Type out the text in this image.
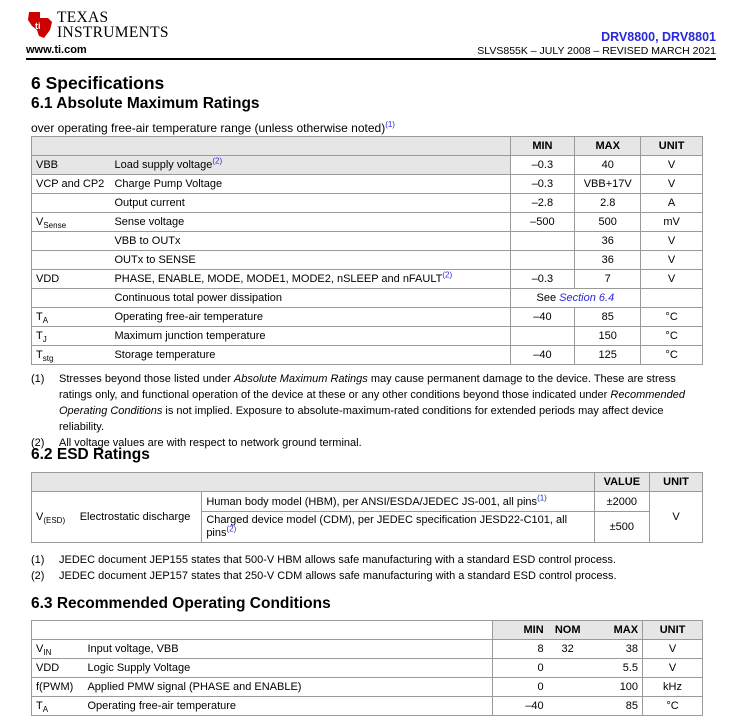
ti TEXAS
INSTRUMENTS
www.ti.com
DRV8800, DRV8801
SLVS855K – JULY 2008 – REVISED MARCH 2021
6 Specifications
6.1 Absolute Maximum Ratings
over operating free-air temperature range (unless otherwise noted)$^{(1)}$
		MIN	MAX	UNIT
VBB	Load supply voltage$^{(2)}$	–0.3	40	V
VCP and CP2	Charge Pump Voltage	–0.3	VBB+17V	V
	Output current	–2.8	2.8	A
$V_{Sense}$	Sense voltage	–500	500	mV
	VBB to OUTx		36	V
	OUTx to SENSE		36	V
VDD	PHASE, ENABLE, MODE, MODE1, MODE2, nSLEEP and nFAULT$^{(2)}$	–0.3	7	V
	Continuous total power dissipation	See Section 6.4		
$T_A$	Operating free-air temperature	–40	85	°C
$T_J$	Maximum junction temperature		150	°C
$T_{stg}$	Storage temperature	–40	125	°C
(1)	Stresses beyond those listed under Absolute Maximum Ratings may cause permanent damage to the device. These are stress ratings only, and functional operation of the device at these or any other conditions beyond those indicated under Recommended Operating Conditions is not implied. Exposure to absolute-maximum-rated conditions for extended periods may affect device reliability.
(2)	All voltage values are with respect to network ground terminal.
6.2 ESD Ratings
			VALUE	UNIT
$V_{(ESD)}$	Electrostatic discharge	Human body model (HBM), per ANSI/ESDA/JEDEC JS-001, all pins$^{(1)}$	±2000	V
		Charged device model (CDM), per JEDEC specification JESD22-C101, all pins$^{(2)}$	±500	
(1)	JEDEC document JEP155 states that 500-V HBM allows safe manufacturing with a standard ESD control process.
(2)	JEDEC document JEP157 states that 250-V CDM allows safe manufacturing with a standard ESD control process.
6.3 Recommended Operating Conditions
		MIN	NOM	MAX	UNIT
$V_{IN}$	Input voltage, VBB	8	32	38	V
VDD	Logic Supply Voltage	0		5.5	V
f(PWM)	Applied PMW signal (PHASE and ENABLE)	0		100	kHz
$T_A$	Operating free-air temperature	–40		85	°C
